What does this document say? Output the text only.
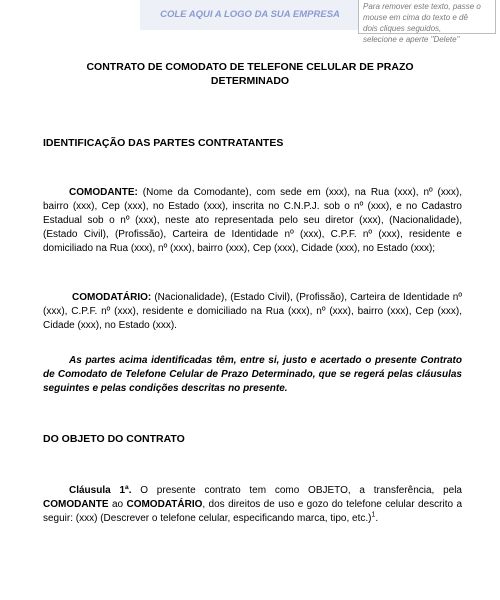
COLE AQUI A LOGO DA SUA EMPRESA
Para remover este texto, passe o
mouse em cima do texto e dê
dois cliques seguidos,
selecione e aperte "Delete"
CONTRATO DE COMODATO DE TELEFONE CELULAR DE PRAZO DETERMINADO
IDENTIFICAÇÃO DAS PARTES CONTRATANTES
COMODANTE: (Nome da Comodante), com sede em (xxx), na Rua (xxx), nº (xxx), bairro (xxx), Cep (xxx), no Estado (xxx), inscrita no C.N.P.J. sob o nº (xxx), e no Cadastro Estadual sob o nº (xxx), neste ato representada pelo seu diretor (xxx), (Nacionalidade), (Estado Civil), (Profissão), Carteira de Identidade nº (xxx), C.P.F. nº (xxx), residente e domiciliado na Rua (xxx), nº (xxx), bairro (xxx), Cep (xxx), Cidade (xxx), no Estado (xxx);
COMODATÁRIO: (Nacionalidade), (Estado Civil), (Profissão), Carteira de Identidade nº (xxx), C.P.F. nº (xxx), residente e domiciliado na Rua (xxx), nº (xxx), bairro (xxx), Cep (xxx), Cidade (xxx), no Estado (xxx).
As partes acima identificadas têm, entre si, justo e acertado o presente Contrato de Comodato de Telefone Celular de Prazo Determinado, que se regerá pelas cláusulas seguintes e pelas condições descritas no presente.
DO OBJETO DO CONTRATO
Cláusula 1ª. O presente contrato tem como OBJETO, a transferência, pela COMODANTE ao COMODATÁRIO, dos direitos de uso e gozo do telefone celular descrito a seguir: (xxx) (Descrever o telefone celular, especificando marca, tipo, etc.)$^1$.
